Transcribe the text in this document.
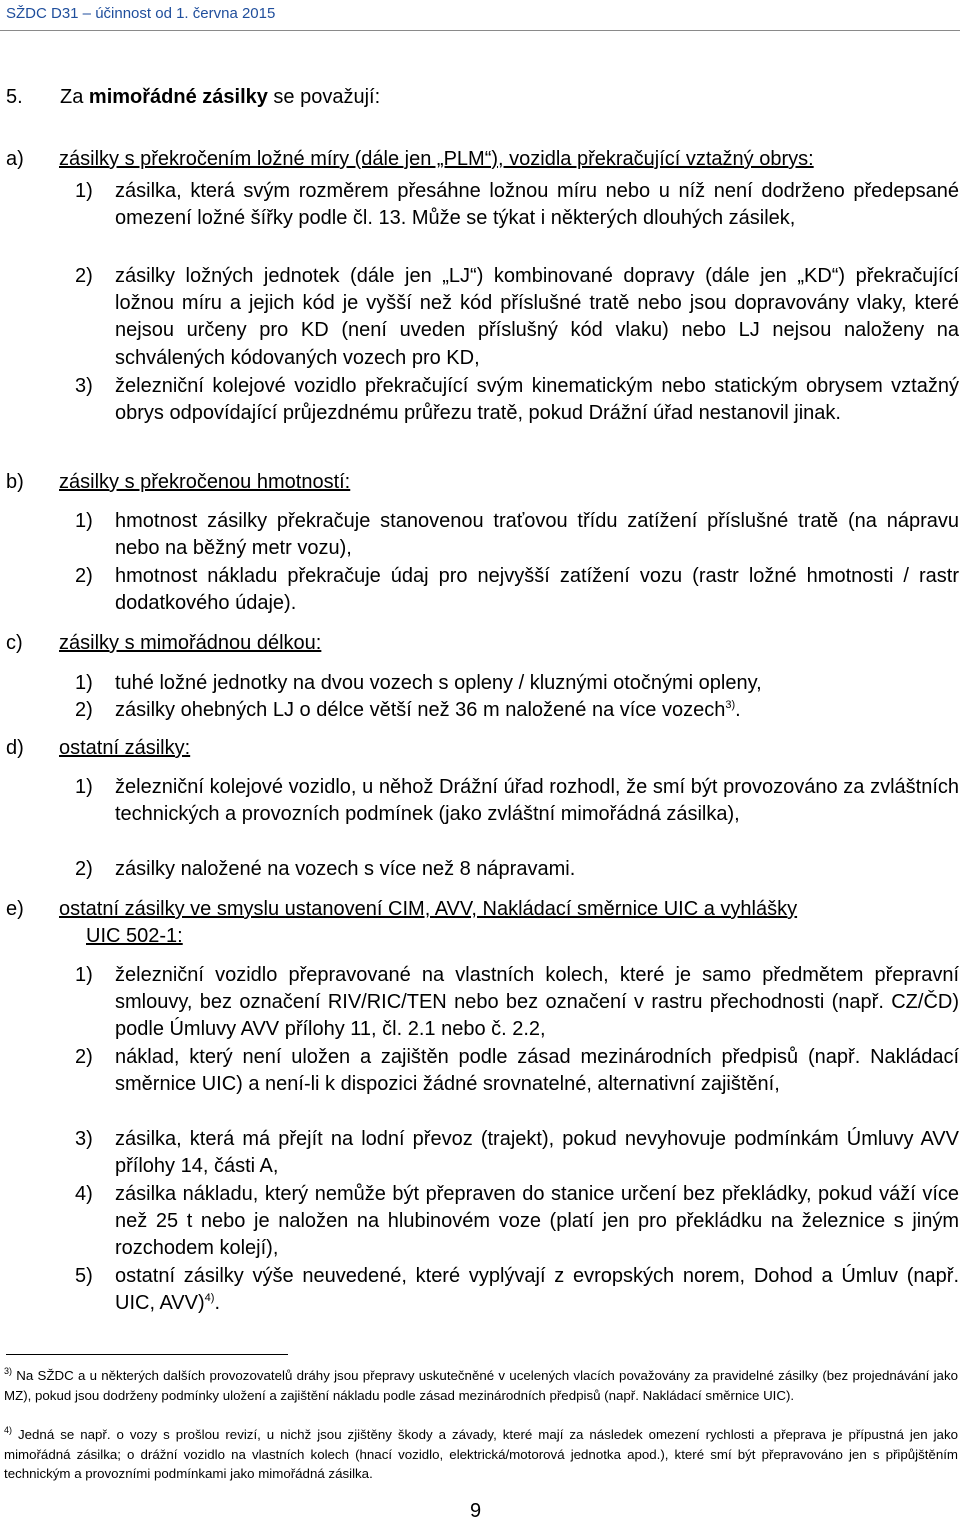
SŽDC D31 – účinnost od 1. června 2015
5. Za mimořádné zásilky se považují:
a) zásilky s překročením ložné míry (dále jen „PLM“), vozidla překračující vztažný obrys:
1) zásilka, která svým rozměrem přesáhne ložnou míru nebo u níž není dodrženo předepsané omezení ložné šířky podle čl. 13. Může se týkat i některých dlouhých zásilek,
2) zásilky ložných jednotek (dále jen „LJ“) kombinované dopravy (dále jen „KD“) překračující ložnou míru a jejich kód je vyšší než kód příslušné tratě nebo jsou dopravovány vlaky, které nejsou určeny pro KD (není uveden příslušný kód vlaku) nebo LJ nejsou naloženy na schválených kódovaných vozech pro KD,
3) železniční kolejové vozidlo překračující svým kinematickým nebo statickým obrysem vztažný obrys odpovídající průjezdnému průřezu tratě, pokud Drážní úřad nestanovil jinak.
b) zásilky s překročenou hmotností:
1) hmotnost zásilky překračuje stanovenou traťovou třídu zatížení příslušné tratě (na nápravu nebo na běžný metr vozu),
2) hmotnost nákladu překračuje údaj pro nejvyšší zatížení vozu (rastr ložné hmotnosti / rastr dodatkového údaje).
c) zásilky s mimořádnou délkou:
1) tuhé ložné jednotky na dvou vozech s opleny / kluznými otočnými opleny,
2) zásilky ohebných LJ o délce větší než 36 m naložené na více vozech$^{3)}$.
d) ostatní zásilky:
1) železniční kolejové vozidlo, u něhož Drážní úřad rozhodl, že smí být provozováno za zvláštních technických a provozních podmínek (jako zvláštní mimořádná zásilka),
2) zásilky naložené na vozech s více než 8 nápravami.
e) ostatní zásilky ve smyslu ustanovení CIM, AVV, Nakládací směrnice UIC a vyhlášky
UIC 502-1:
1) železniční vozidlo přepravované na vlastních kolech, které je samo předmětem přepravní smlouvy, bez označení RIV/RIC/TEN nebo bez označení v rastru přechodnosti (např. CZ/ČD) podle Úmluvy AVV přílohy 11, čl. 2.1 nebo č. 2.2,
2) náklad, který není uložen a zajištěn podle zásad mezinárodních předpisů (např. Nakládací směrnice UIC) a není-li k dispozici žádné srovnatelné, alternativní zajištění,
3) zásilka, která má přejít na lodní převoz (trajekt), pokud nevyhovuje podmínkám Úmluvy AVV přílohy 14, části A,
4) zásilka nákladu, který nemůže být přepraven do stanice určení bez překládky, pokud váží více než 25 t nebo je naložen na hlubinovém voze (platí jen pro překládku na železnice s jiným rozchodem kolejí),
5) ostatní zásilky výše neuvedené, které vyplývají z evropských norem, Dohod a Úmluv (např. UIC, AVV)$^{4)}$.
$^{3)}$ Na SŽDC a u některých dalších provozovatelů dráhy jsou přepravy uskutečněné v ucelených vlacích považovány za pravidelné zásilky (bez projednávání jako MZ), pokud jsou dodrženy podmínky uložení a zajištění nákladu podle zásad mezinárodních předpisů (např. Nakládací směrnice UIC).
$^{4)}$ Jedná se např. o vozy s prošlou revizí, u nichž jsou zjištěny škody a závady, které mají za následek omezení rychlosti a přeprava je přípustná jen jako mimořádná zásilka; o drážní vozidlo na vlastních kolech (hnací vozidlo, elektrická/motorová jednotka apod.), které smí být přepravováno jen s připůjštěním technickým a provozními podmínkami jako mimořádná zásilka.
9
